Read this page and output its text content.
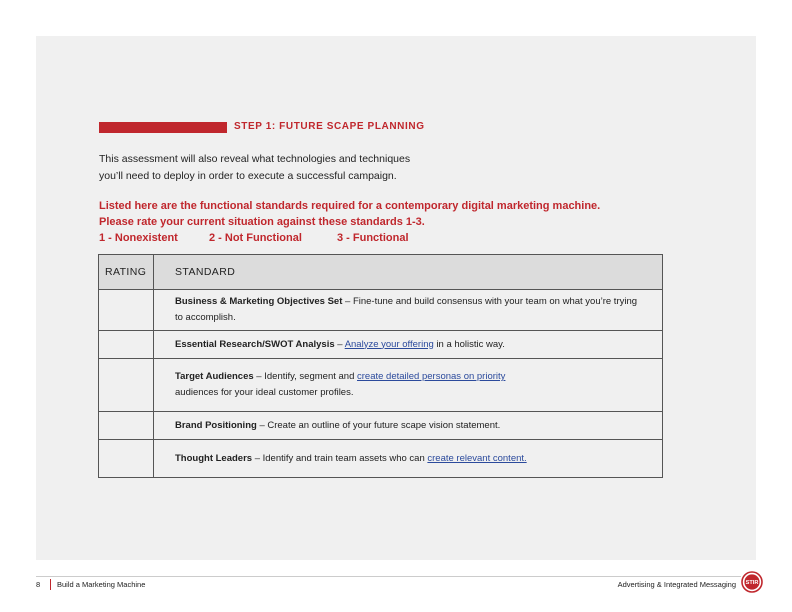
STEP 1: FUTURE SCAPE PLANNING

This assessment will also reveal what technologies and techniques

you’ll need to deploy in order to execute a successful campaign.

Listed here are the functional standards required for a contemporary digital marketing machine.

Please rate your current situation against these standards 1-3.

1 - Nonexistent	2 - Not Functional	3 - Functional

RATING	STANDARD
	Business & Marketing Objectives Set – Fine-tune and build consensus with your team on what you’re trying to accomplish.
	Essential Research/SWOT Analysis – Analyze your offering in a holistic way.
	Target Audiences – Identify, segment and create detailed personas on priority
audiences for your ideal customer profiles.
	Brand Positioning – Create an outline of your future scape vision statement.
	Thought Leaders – Identify and train team assets who can create relevant content.
8 Build a Marketing Machine	Advertising & Integrated Messaging STIR
